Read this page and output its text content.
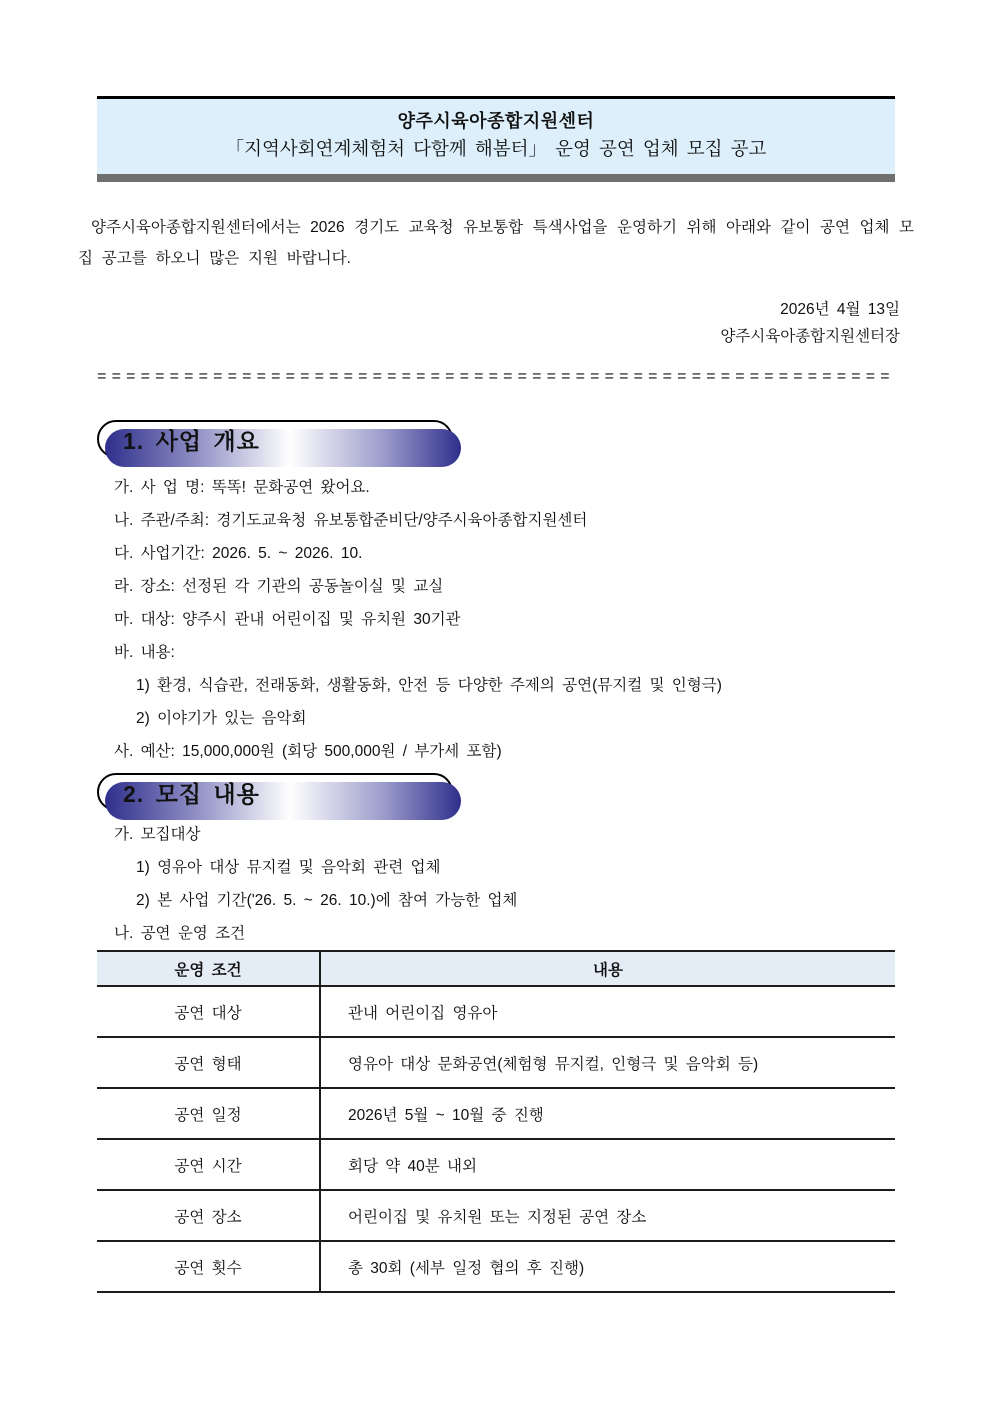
양주시육아종합지원센터
「지역사회연계체험처 다함께 해봄터」 운영 공연 업체 모집 공고

양주시육아종합지원센터에서는 2026 경기도 교육청 유보통합 특색사업을 운영하기 위해 아래와 같이 공연 업체 모집 공고를 하오니 많은 지원 바랍니다.

2026년 4월 13일
양주시육아종합지원센터장
=======================================================
1. 사업 개요
가. 사 업 명: 똑똑! 문화공연 왔어요.
나. 주관/주최: 경기도교육청 유보통합준비단/양주시육아종합지원센터
다. 사업기간: 2026. 5. ~ 2026. 10.
라. 장소: 선정된 각 기관의 공동놀이실 및 교실
마. 대상: 양주시 관내 어린이집 및 유치원 30기관
바. 내용:
1) 환경, 식습관, 전래동화, 생활동화, 안전 등 다양한 주제의 공연(뮤지컬 및 인형극)
2) 이야기가 있는 음악회
사. 예산: 15,000,000원 (회당 500,000원 / 부가세 포함)
2. 모집 내용
가. 모집대상
1) 영유아 대상 뮤지컬 및 음악회 관련 업체
2) 본 사업 기간('26. 5. ~ 26. 10.)에 참여 가능한 업체
나. 공연 운영 조건
운영 조건	내용
공연 대상	관내 어린이집 영유아
공연 형태	영유아 대상 문화공연(체험형 뮤지컬, 인형극 및 음악회 등)
공연 일정	2026년 5월 ~ 10월 중 진행
공연 시간	회당 약 40분 내외
공연 장소	어린이집 및 유치원 또는 지정된 공연 장소
공연 횟수	총 30회 (세부 일정 협의 후 진행)
